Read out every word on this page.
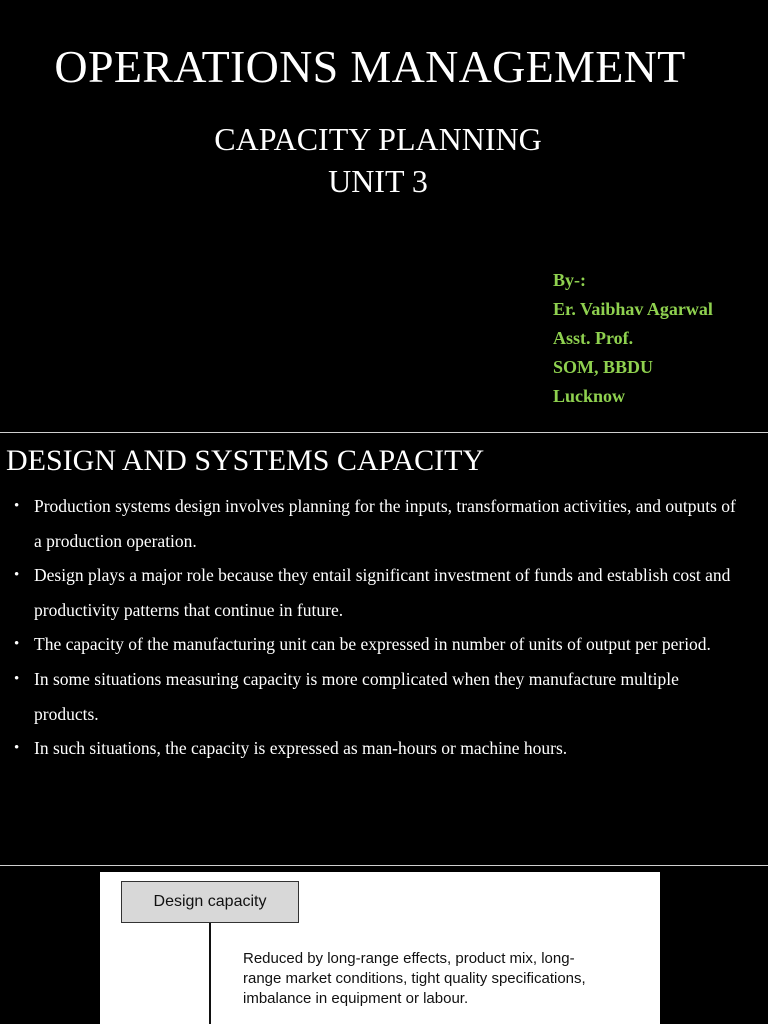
OPERATIONS MANAGEMENT
CAPACITY PLANNING
UNIT 3
By-:
Er. Vaibhav Agarwal
Asst. Prof.
SOM, BBDU
Lucknow
DESIGN AND SYSTEMS CAPACITY
• Production systems design involves planning for the inputs, transformation activities, and outputs of a production operation.
• Design plays a major role because they entail significant investment of funds and establish cost and productivity patterns that continue in future.
• The capacity of the manufacturing unit can be expressed in number of units of output per period.
• In some situations measuring capacity is more complicated when they manufacture multiple products.
• In such situations, the capacity is expressed as man-hours or machine hours.
Design capacity
Reduced by long-range effects, product mix, long-
range market conditions, tight quality specifications,
imbalance in equipment or labour.
